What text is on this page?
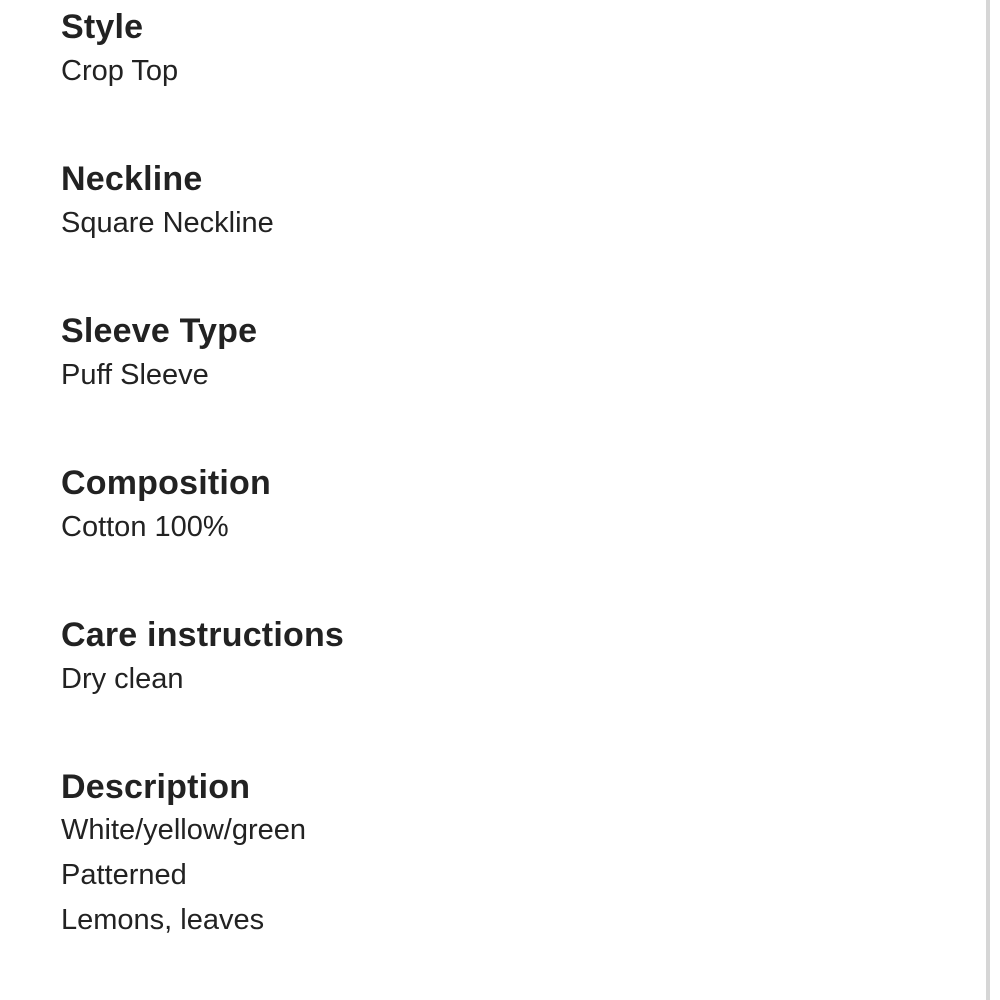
Style
Crop Top
Neckline
Square Neckline
Sleeve Type
Puff Sleeve
Composition
Cotton 100%
Care instructions
Dry clean
Description
White/yellow/green
Patterned
Lemons, leaves
